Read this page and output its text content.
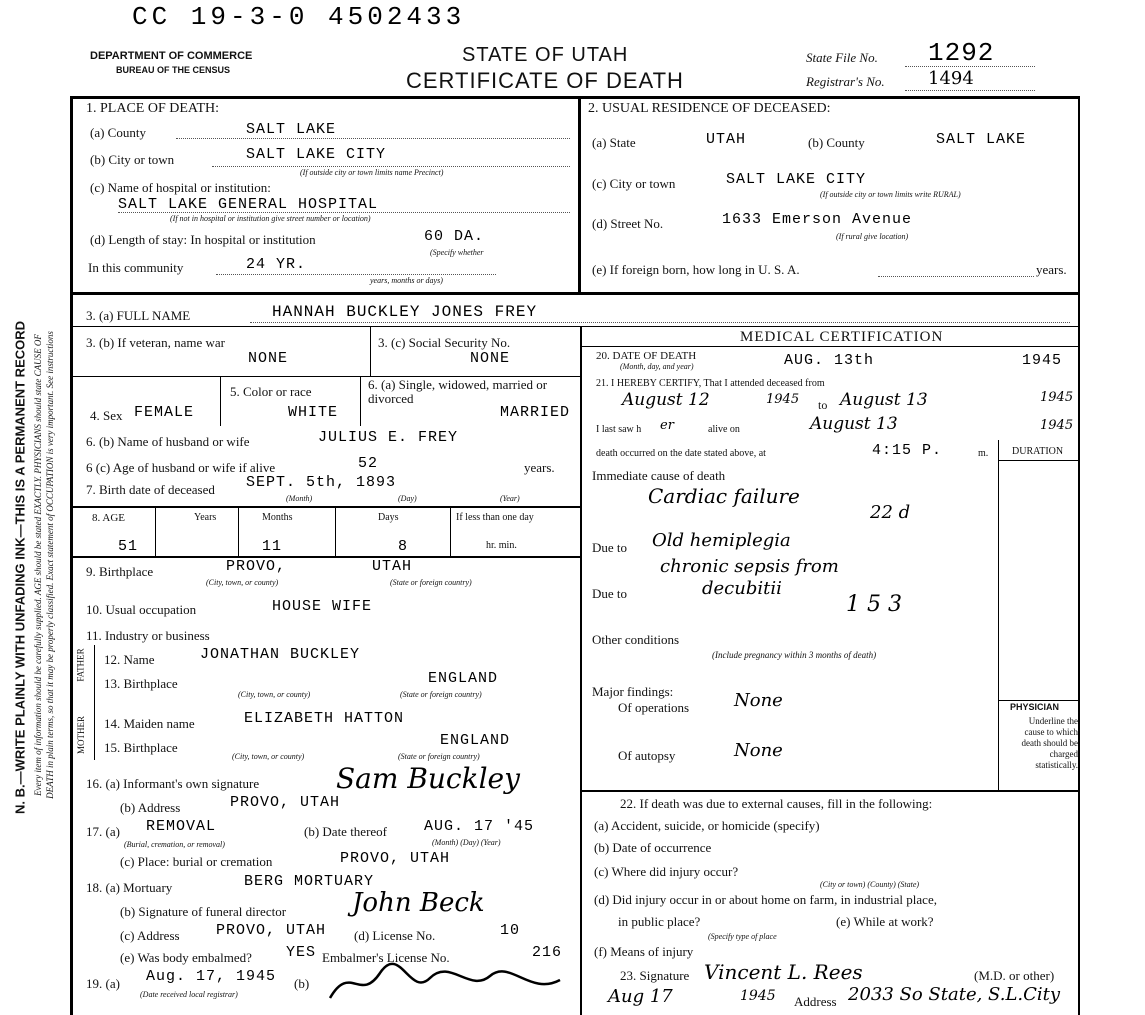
CC 19-3-0 4502433
DEPARTMENT OF COMMERCE
BUREAU OF THE CENSUS
STATE OF UTAH
CERTIFICATE OF DEATH
State File No. 1292
Registrar's No. 1494
N. B.—WRITE PLAINLY WITH UNFADING INK—THIS IS A PERMANENT RECORD Every item of information should be carefully supplied. AGE should be stated EXACTLY. PHYSICIANS should state CAUSE OF DEATH in plain terms, so that it may be properly classified. Exact statement of OCCUPATION is very important. See instructions
1. PLACE OF DEATH:
(a) County	SALT LAKE
(b) City or town	SALT LAKE CITY
(If outside city or town limits name Precinct)
(c) Name of hospital or institution:
SALT LAKE GENERAL HOSPITAL
(If not in hospital or institution give street number or location)
(d) Length of stay: In hospital or institution	60 DA.
(Specify whether
In this community	24 YR.
years, months or days)
2. USUAL RESIDENCE OF DECEASED:
(a) State	UTAH	(b) County	SALT LAKE
(c) City or town	SALT LAKE CITY
(If outside city or town limits write RURAL)
(d) Street No.	1633 Emerson Avenue
(If rural give location)
(e) If foreign born, how long in U. S. A.	years.
3. (a) FULL NAME	HANNAH BUCKLEY JONES FREY
3. (b) If veteran, name war
NONE
3. (c) Social Security No.
NONE
4. Sex FEMALE
5. Color or race
WHITE
6. (a) Single, widowed, married or divorced
MARRIED
6. (b) Name of husband or wife	JULIUS E. FREY
6 (c) Age of husband or wife if alive	52	years.
7. Birth date of deceased SEPT. 5th, 1893
(Month)	(Day)	(Year)
8. AGE	Years	Months	Days	If less than one day
51	11	8	hr. min.
9. Birthplace	PROVO,	UTAH
(City, town, or county)	(State or foreign country)
10. Usual occupation	HOUSE WIFE
11. Industry or business
FATHER
MOTHER
12. Name	JONATHAN BUCKLEY
13. Birthplace	ENGLAND
(City, town, or county)	(State or foreign country)
14. Maiden name	ELIZABETH HATTON
15. Birthplace	ENGLAND
(City, town, or county)	(State or foreign country)
16. (a) Informant's own signature	Sam Buckley
(b) Address	PROVO, UTAH
17. (a) REMOVAL
(Burial, cremation, or removal)
(b) Date thereof AUG. 17 '45
(Month) (Day) (Year)
(c) Place: burial or cremation	PROVO, UTAH
18. (a) Mortuary	BERG MORTUARY
(b) Signature of funeral director	John Beck
(c) Address PROVO, UTAH (d) License No.	10
(e) Was body embalmed? YES Embalmer's License No.	216
19. (a) Aug. 17, 1945
(Date received local registrar)
(b)
MEDICAL CERTIFICATION
20. DATE OF DEATH
(Month, day, and year)	AUG. 13th	1945
21. I HEREBY CERTIFY, That I attended deceased from
August 12	1945 to August 13	1945
I last saw h er	alive on	August 13	1945
death occurred on the date stated above, at	4:15 P.	m. DURATION
Immediate cause of death
Cardiac failure
22 d
Due to Old hemiplegia
chronic sepsis from
Due to	decubitii
1 5 3
Other conditions
(Include pregnancy within 3 months of death)
Major findings:
Of operations None
Of autopsy	None
PHYSICIAN
Underline the cause to which death should be charged statistically.
22. If death was due to external causes, fill in the following:
(a) Accident, suicide, or homicide (specify)
(b) Date of occurrence
(c) Where did injury occur?
(City or town) (County) (State)
(d) Did injury occur in or about home on farm, in industrial place,
in public place?	(e) While at work?
(Specify type of place
(f) Means of injury
23. Signature Vincent L. Rees	(M.D. or other)
Aug 17	1945 Address 2033 So State, S.L.City
